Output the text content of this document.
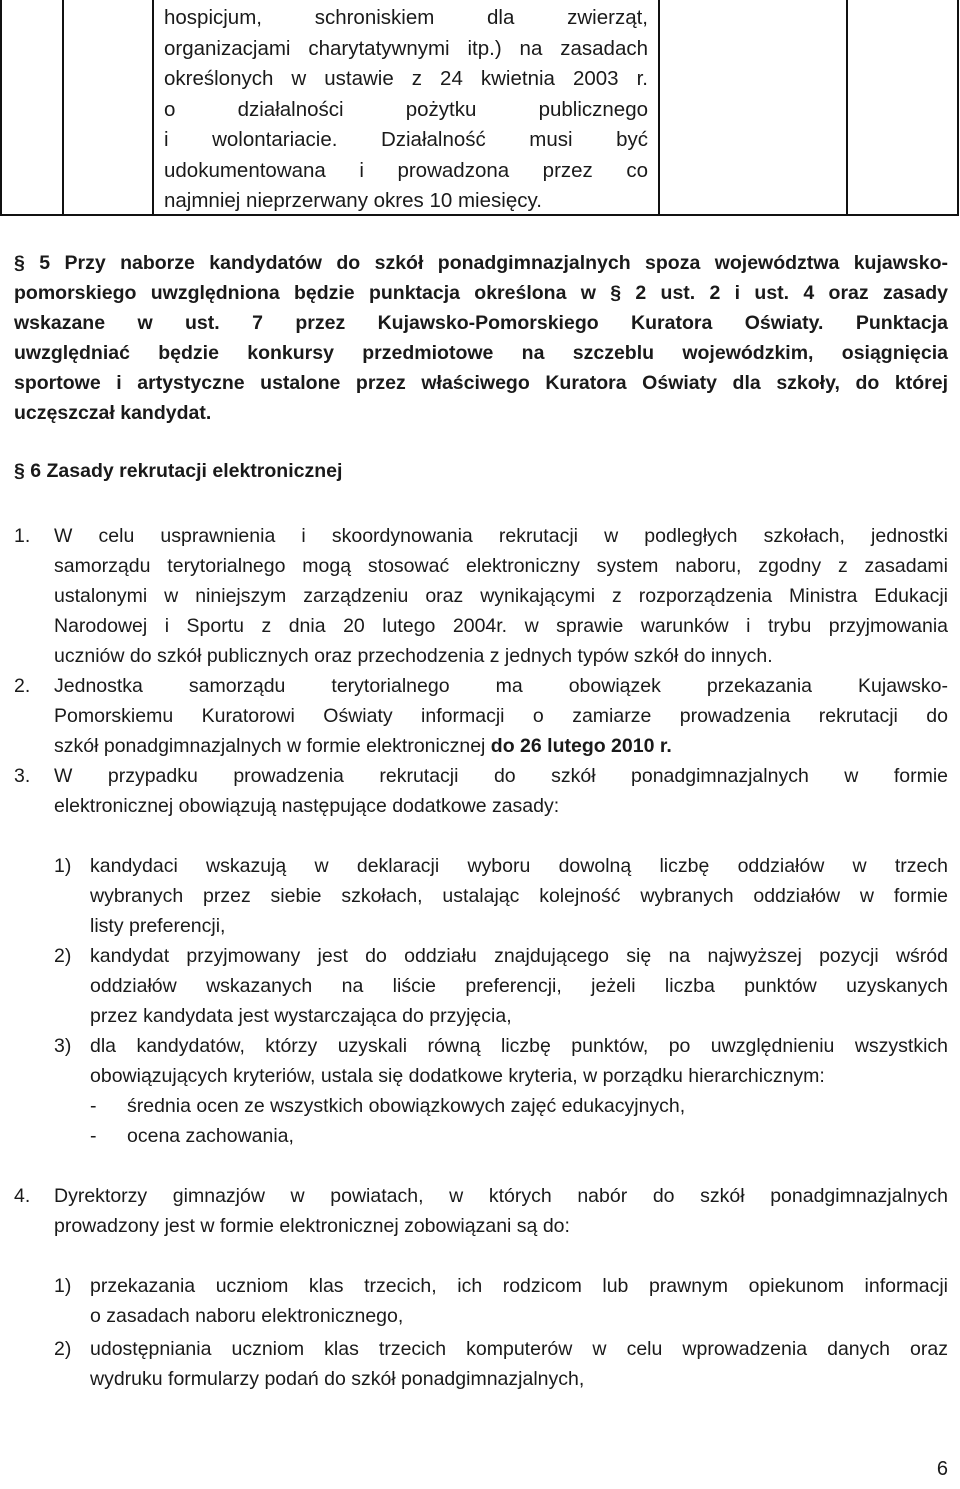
hospicjum, schroniskiem dla zwierząt,
organizacjami charytatywnymi itp.) na zasadach
określonych w ustawie z 24 kwietnia 2003 r.
o działalności pożytku publicznego
i wolontariacie. Działalność musi być
udokumentowana i prowadzona przez co
najmniej nieprzerwany okres 10 miesięcy.
§ 5 Przy naborze kandydatów do szkół ponadgimnazjalnych spoza województwa kujawsko-
pomorskiego uwzględniona będzie punktacja określona w § 2 ust. 2 i ust. 4 oraz zasady
wskazane w ust. 7 przez Kujawsko-Pomorskiego Kuratora Oświaty. Punktacja
uwzględniać będzie konkursy przedmiotowe na szczeblu wojewódzkim, osiągnięcia
sportowe i artystyczne ustalone przez właściwego Kuratora Oświaty dla szkoły, do której
uczęszczał kandydat.
§ 6 Zasady rekrutacji elektronicznej
1. W celu usprawnienia i skoordynowania rekrutacji w podległych szkołach, jednostki
samorządu terytorialnego mogą stosować elektroniczny system naboru, zgodny z zasadami
ustalonymi w niniejszym zarządzeniu oraz wynikającymi z rozporządzenia Ministra Edukacji
Narodowej i Sportu z dnia 20 lutego 2004r. w sprawie warunków i trybu przyjmowania
uczniów do szkół publicznych oraz przechodzenia z jednych typów szkół do innych.
2. Jednostka samorządu terytorialnego ma obowiązek przekazania Kujawsko-
Pomorskiemu Kuratorowi Oświaty informacji o zamiarze prowadzenia rekrutacji do
szkół ponadgimnazjalnych w formie elektronicznej do 26 lutego 2010 r.
3. W przypadku prowadzenia rekrutacji do szkół ponadgimnazjalnych w formie
elektronicznej obowiązują następujące dodatkowe zasady:
1) kandydaci wskazują w deklaracji wyboru dowolną liczbę oddziałów w trzech
wybranych przez siebie szkołach, ustalając kolejność wybranych oddziałów w formie
listy preferencji,
2) kandydat przyjmowany jest do oddziału znajdującego się na najwyższej pozycji wśród
oddziałów wskazanych na liście preferencji, jeżeli liczba punktów uzyskanych
przez kandydata jest wystarczająca do przyjęcia,
3) dla kandydatów, którzy uzyskali równą liczbę punktów, po uwzględnieniu wszystkich
obowiązujących kryteriów, ustala się dodatkowe kryteria, w porządku hierarchicznym:
- średnia ocen ze wszystkich obowiązkowych zajęć edukacyjnych,
- ocena zachowania,
4. Dyrektorzy gimnazjów w powiatach, w których nabór do szkół ponadgimnazjalnych
prowadzony jest w formie elektronicznej zobowiązani są do:
1) przekazania uczniom klas trzecich, ich rodzicom lub prawnym opiekunom informacji
o zasadach naboru elektronicznego,
2) udostępniania uczniom klas trzecich komputerów w celu wprowadzenia danych oraz
wydruku formularzy podań do szkół ponadgimnazjalnych,
6
